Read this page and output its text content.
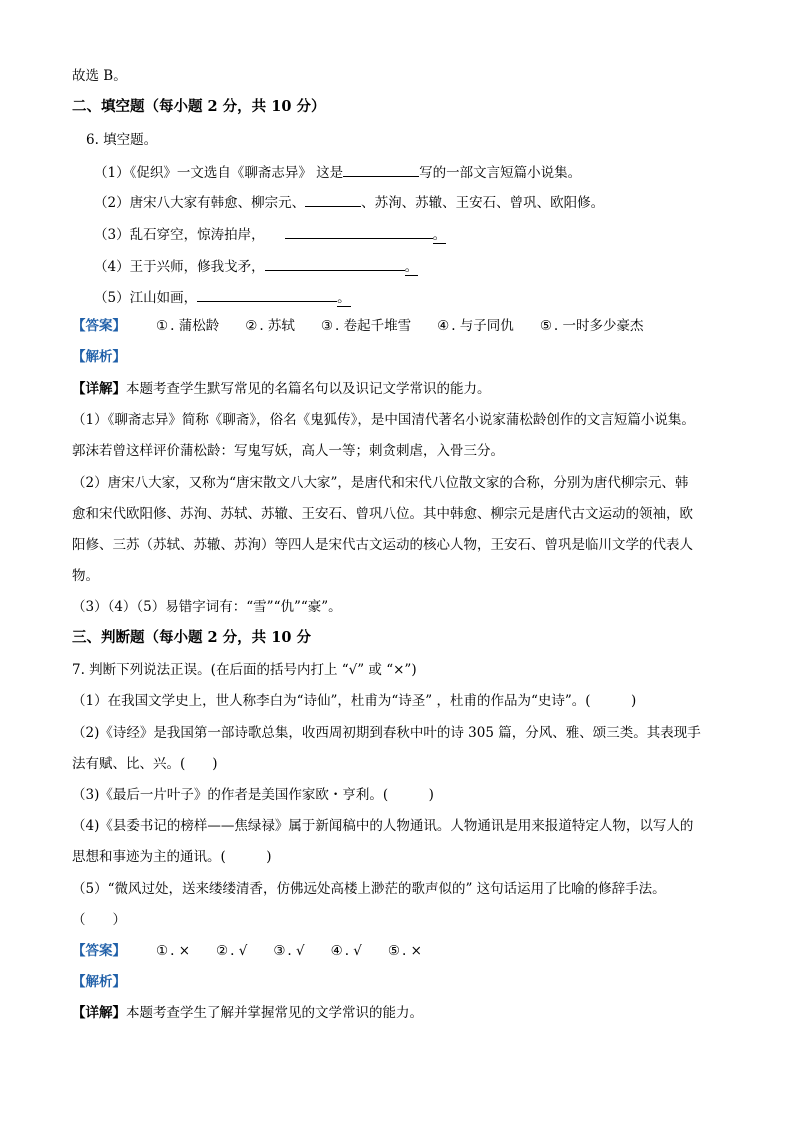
故选 B。
二、填空题（每小题 2 分，共 10 分）
6. 填空题。
（1）《促织》一文选自《聊斋志异》 这是	写的一部文言短篇小说集。
（2）唐宋八大家有韩愈、柳宗元、	、苏洵、苏辙、王安石、曾巩、欧阳修。
（3）乱石穿空，惊涛拍岸，	。
（4）王于兴师，修我戈矛，	。
（5）江山如画，	。
【答案】 ① . 蒲松龄 ② . 苏轼 ③ . 卷起千堆雪 ④ . 与子同仇 ⑤ . 一时多少豪杰
【解析】
【详解】本题考查学生默写常见的名篇名句以及识记文学常识的能力。
（1）《聊斋志异》简称《聊斋》，俗名《鬼狐传》，是中国清代著名小说家蒲松龄创作的文言短篇小说集。
郭沫若曾这样评价蒲松龄：写鬼写妖，高人一等；刺贪刺虐，入骨三分。
（2）唐宋八大家，又称为“唐宋散文八大家”，是唐代和宋代八位散文家的合称，分别为唐代柳宗元、韩
愈和宋代欧阳修、苏洵、苏轼、苏辙、王安石、曾巩八位。其中韩愈、柳宗元是唐代古文运动的领袖，欧
阳修、三苏（苏轼、苏辙、苏洵）等四人是宋代古文运动的核心人物，王安石、曾巩是临川文学的代表人
物。
（3）（4）（5）易错字词有：“雪”“仇”“豪”。
三、判断题（每小题 2 分，共 10 分
7. 判断下列说法正误。(在后面的括号内打上 “√” 或 “×”)
（1）在我国文学史上，世人称李白为“诗仙”，杜甫为“诗圣” ，杜甫的作品为“史诗”。(　　　)
（2)《诗经》是我国第一部诗歌总集，收西周初期到春秋中叶的诗 305 篇，分风、雅、颂三类。其表现手
法有赋、比、兴。(　　)
（3)《最后一片叶子》的作者是美国作家欧・亨利。(　　　)
（4)《县委书记的榜样——焦绿禄》属于新闻稿中的人物通讯。人物通讯是用来报道特定人物，以写人的
思想和事迹为主的通讯。(　　　)
（5）“微风过处，送来缕缕清香，仿佛远处高楼上渺茫的歌声似的” 这句话运用了比喻的修辞手法。
（　　）
【答案】 ① . × ② . √ ③ . √ ④ . √ ⑤ . ×
【解析】
【详解】本题考查学生了解并掌握常见的文学常识的能力。
